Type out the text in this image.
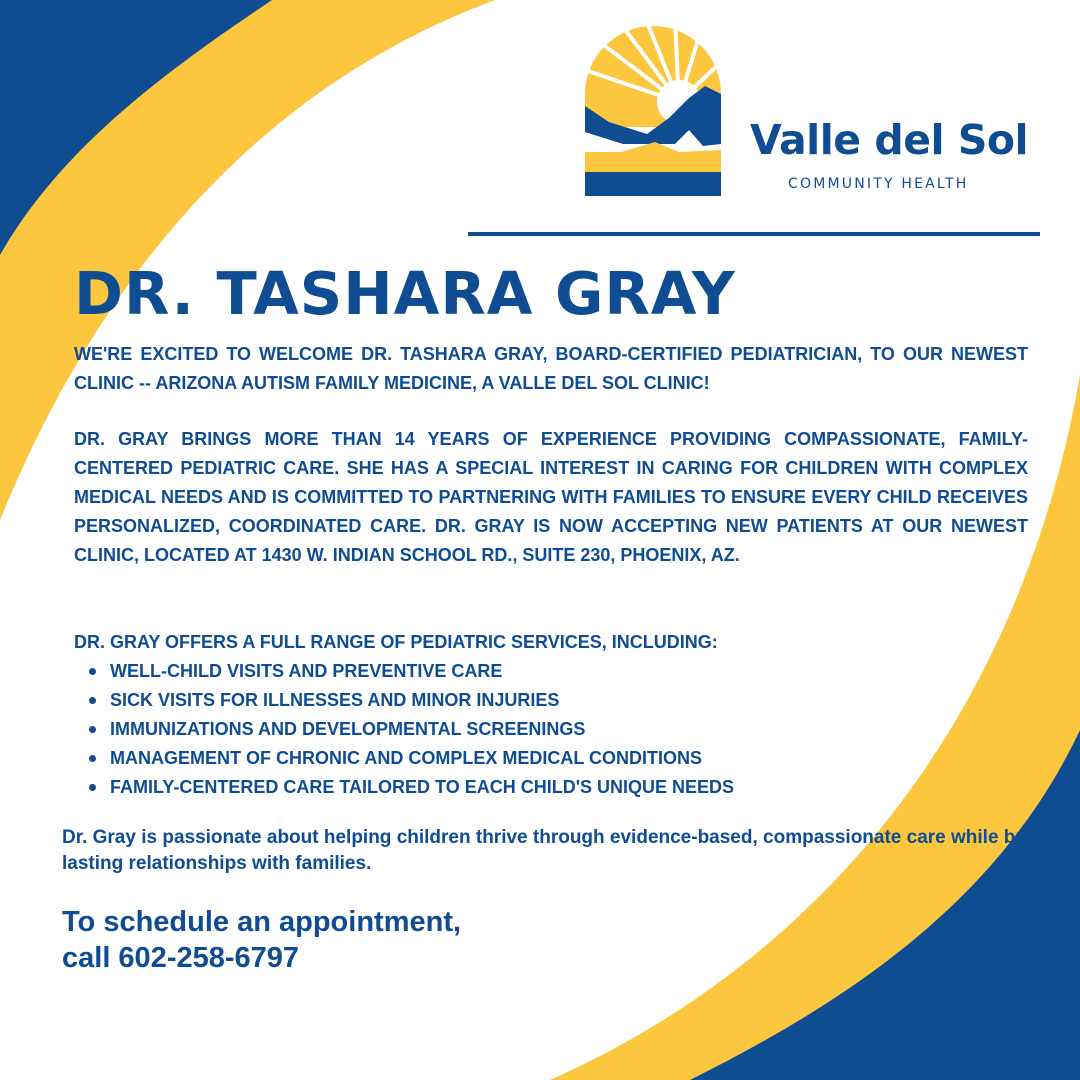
Valle del Sol
COMMUNITY HEALTH
DR. TASHARA GRAY

WE'RE EXCITED TO WELCOME DR. TASHARA GRAY, BOARD-CERTIFIED PEDIATRICIAN, TO OUR NEWEST CLINIC -- ARIZONA AUTISM FAMILY MEDICINE, A VALLE DEL SOL CLINIC!

DR. GRAY BRINGS MORE THAN 14 YEARS OF EXPERIENCE PROVIDING COMPASSIONATE, FAMILY-CENTERED PEDIATRIC CARE. SHE HAS A SPECIAL INTEREST IN CARING FOR CHILDREN WITH COMPLEX MEDICAL NEEDS AND IS COMMITTED TO PARTNERING WITH FAMILIES TO ENSURE EVERY CHILD RECEIVES PERSONALIZED, COORDINATED CARE. DR. GRAY IS NOW ACCEPTING NEW PATIENTS AT OUR NEWEST CLINIC, LOCATED AT 1430 W. INDIAN SCHOOL RD., SUITE 230, PHOENIX, AZ.

DR. GRAY OFFERS A FULL RANGE OF PEDIATRIC SERVICES, INCLUDING:

WELL-CHILD VISITS AND PREVENTIVE CARE
SICK VISITS FOR ILLNESSES AND MINOR INJURIES
IMMUNIZATIONS AND DEVELOPMENTAL SCREENINGS
MANAGEMENT OF CHRONIC AND COMPLEX MEDICAL CONDITIONS
FAMILY-CENTERED CARE TAILORED TO EACH CHILD'S UNIQUE NEEDS

Dr. Gray is passionate about helping children thrive through evidence-based, compassionate care while building lasting relationships with families.

To schedule an appointment,
call 602-258-6797
